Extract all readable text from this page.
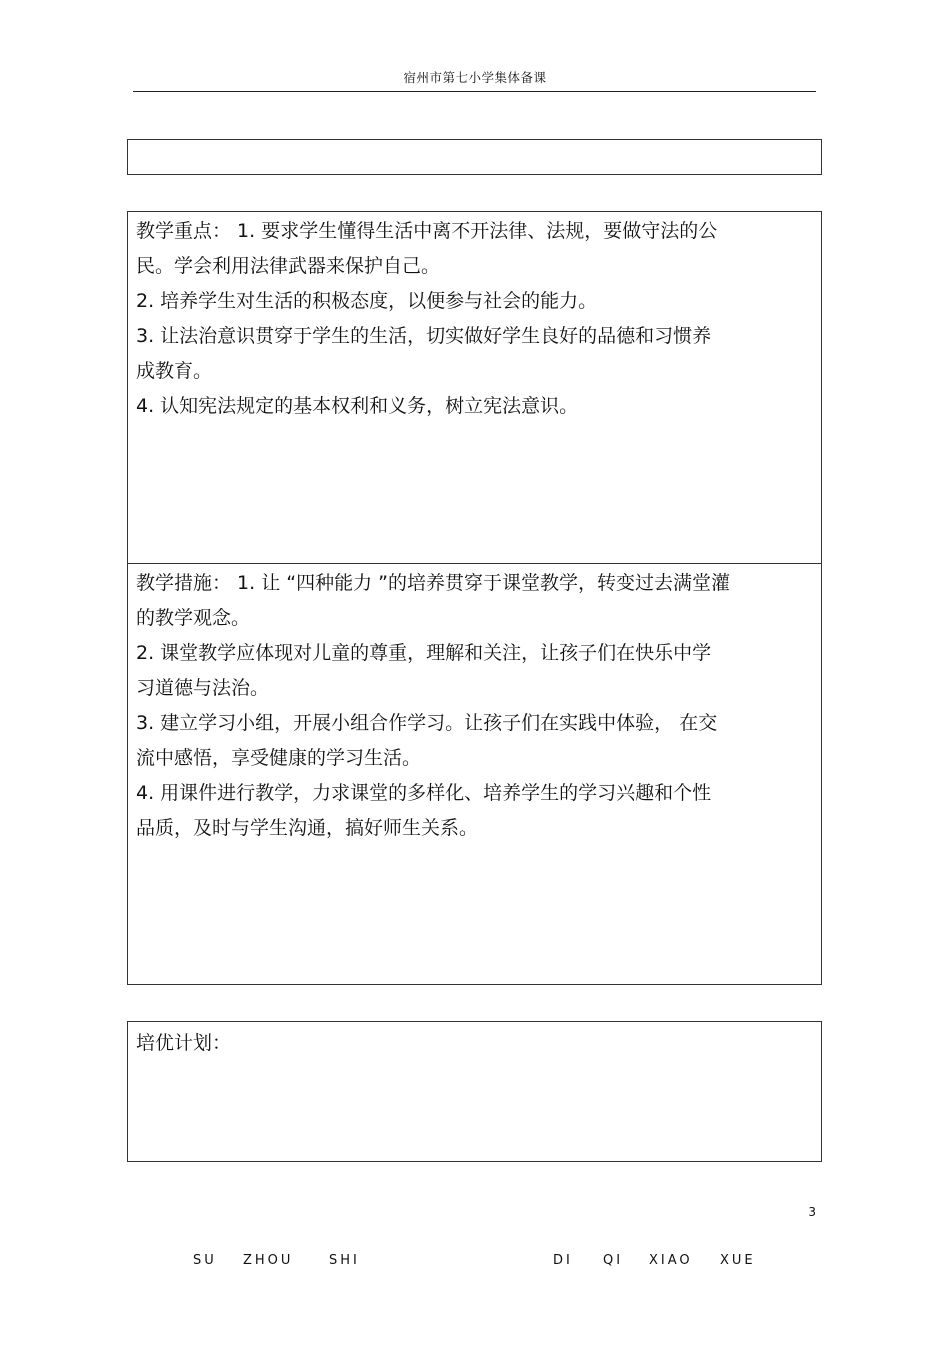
宿州市第七小学集体备课
教学重点： 1. 要求学生懂得生活中离不开法律、法规，要做守法的公
民。学会利用法律武器来保护自己。
2. 培养学生对生活的积极态度，以便参与社会的能力。
3. 让法治意识贯穿于学生的生活，切实做好学生良好的品德和习惯养
成教育。
4. 认知宪法规定的基本权利和义务，树立宪法意识。
教学措施： 1. 让 “四种能力 ”的培养贯穿于课堂教学，转变过去满堂灌
的教学观念。
2. 课堂教学应体现对儿童的尊重，理解和关注，让孩子们在快乐中学
习道德与法治。
3. 建立学习小组，开展小组合作学习。让孩子们在实践中体验， 在交
流中感悟，享受健康的学习生活。
4. 用课件进行教学，力求课堂的多样化、培养学生的学习兴趣和个性
品质，及时与学生沟通，搞好师生关系。
培优计划：
3
SU ZHOU	SHI	DI QI XIAO XUE
